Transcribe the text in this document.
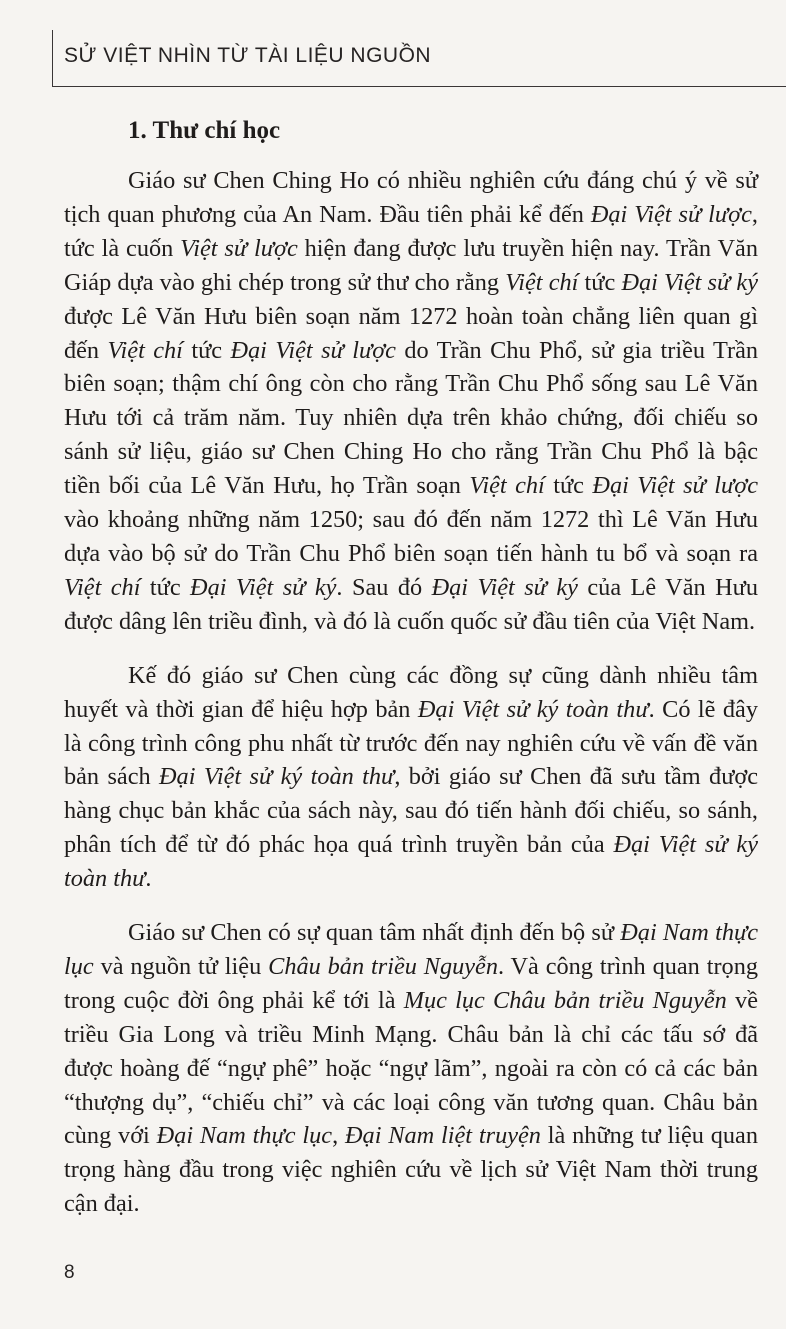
SỬ VIỆT NHÌN TỪ TÀI LIỆU NGUỒN
1. Thư chí học

Giáo sư Chen Ching Ho có nhiều nghiên cứu đáng chú ý về sử tịch quan phương của An Nam. Đầu tiên phải kể đến Đại Việt sử lược, tức là cuốn Việt sử lược hiện đang được lưu truyền hiện nay. Trần Văn Giáp dựa vào ghi chép trong sử thư cho rằng Việt chí tức Đại Việt sử ký được Lê Văn Hưu biên soạn năm 1272 hoàn toàn chẳng liên quan gì đến Việt chí tức Đại Việt sử lược do Trần Chu Phổ, sử gia triều Trần biên soạn; thậm chí ông còn cho rằng Trần Chu Phổ sống sau Lê Văn Hưu tới cả trăm năm. Tuy nhiên dựa trên khảo chứng, đối chiếu so sánh sử liệu, giáo sư Chen Ching Ho cho rằng Trần Chu Phổ là bậc tiền bối của Lê Văn Hưu, họ Trần soạn Việt chí tức Đại Việt sử lược vào khoảng những năm 1250; sau đó đến năm 1272 thì Lê Văn Hưu dựa vào bộ sử do Trần Chu Phổ biên soạn tiến hành tu bổ và soạn ra Việt chí tức Đại Việt sử ký. Sau đó Đại Việt sử ký của Lê Văn Hưu được dâng lên triều đình, và đó là cuốn quốc sử đầu tiên của Việt Nam.

Kế đó giáo sư Chen cùng các đồng sự cũng dành nhiều tâm huyết và thời gian để hiệu hợp bản Đại Việt sử ký toàn thư. Có lẽ đây là công trình công phu nhất từ trước đến nay nghiên cứu về vấn đề văn bản sách Đại Việt sử ký toàn thư, bởi giáo sư Chen đã sưu tầm được hàng chục bản khắc của sách này, sau đó tiến hành đối chiếu, so sánh, phân tích để từ đó phác họa quá trình truyền bản của Đại Việt sử ký toàn thư.

Giáo sư Chen có sự quan tâm nhất định đến bộ sử Đại Nam thực lục và nguồn tử liệu Châu bản triều Nguyễn. Và công trình quan trọng trong cuộc đời ông phải kể tới là Mục lục Châu bản triều Nguyễn về triều Gia Long và triều Minh Mạng. Châu bản là chỉ các tấu sớ đã được hoàng đế “ngự phê” hoặc “ngự lãm”, ngoài ra còn có cả các bản “thượng dụ”, “chiếu chỉ” và các loại công văn tương quan. Châu bản cùng với Đại Nam thực lục, Đại Nam liệt truyện là những tư liệu quan trọng hàng đầu trong việc nghiên cứu về lịch sử Việt Nam thời trung cận đại.

8
